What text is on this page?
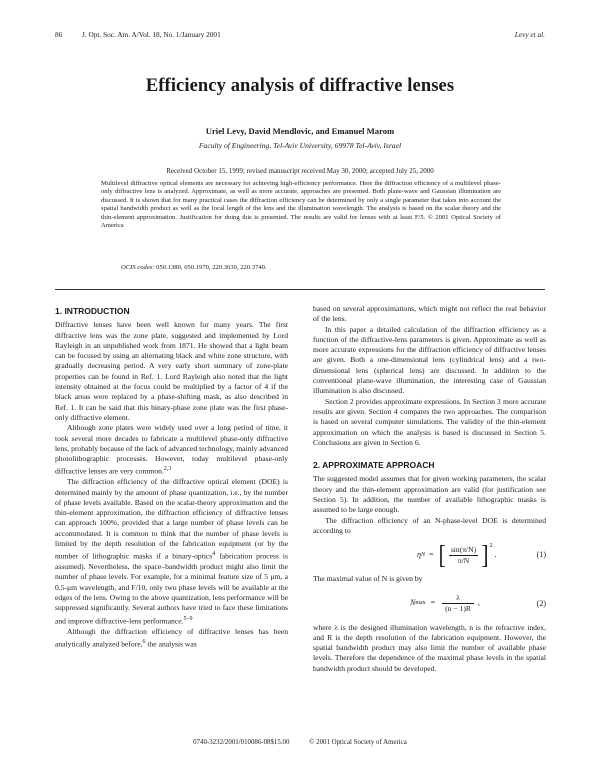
86	J. Opt. Soc. Am. A/Vol. 18, No. 1/January 2001	Levy et al.
Efficiency analysis of diffractive lenses
Uriel Levy, David Mendlovic, and Emanuel Marom
Faculty of Engineering, Tel-Aviv University, 69978 Tel-Aviv, Israel
Received October 15, 1999; revised manuscript received May 30, 2000; accepted July 25, 2000

Multilevel diffractive optical elements are necessary for achieving high-efficiency performance. Here the diffraction efficiency of a multilevel phase-only diffractive lens is analyzed. Approximate, as well as more accurate, approaches are presented. Both plane-wave and Gaussian illumination are discussed. It is shown that for many practical cases the diffraction efficiency can be determined by only a single parameter that takes into account the spatial bandwidth product as well as the focal length of the lens and the illumination wavelength. The analysis is based on the scalar theory and the thin-element approximation. Justification for doing this is presented. The results are valid for lenses with at least F/5. © 2001 Optical Society of America

OCIS codes: 050.1380, 050.1970, 220.3630, 220.3740.
1. INTRODUCTION

Diffractive lenses have been well known for many years. The first diffractive lens was the zone plate, suggested and implemented by Lord Rayleigh in an unpublished work from 1871. He showed that a light beam can be focused by using an alternating black and white zone structure, with gradually decreasing period. A very early short summary of zone-plate properties can be found in Ref. 1. Lord Rayleigh also noted that the light intensity obtained at the focus could be multiplied by a factor of 4 if the black areas were replaced by a phase-shifting mask, as also described in Ref. 1. It can be said that this binary-phase zone plate was the first phase-only diffractive element.

Although zone plates were widely used over a long period of time, it took several more decades to fabricate a multilevel phase-only diffractive lens, probably because of the lack of advanced technology, mainly advanced photolithographic processes. However, today multilevel phase-only diffractive lenses are very common.$^{2,3}$

The diffraction efficiency of the diffractive optical element (DOE) is determined mainly by the amount of phase quantization, i.e., by the number of phase levels available. Based on the scalar-theory approximation and the thin-element approximation, the diffraction efficiency of diffractive lenses can approach 100%, provided that a large number of phase levels can be accommodated. It is common to think that the number of phase levels is limited by the depth resolution of the fabrication equipment (or by the number of lithographic masks if a binary-optics$^4$ fabrication process is assumed). Nevertheless, the space–bandwidth product might also limit the number of phase levels. For example, for a minimal feature size of 5 μm, a 0.5-μm wavelength, and F/10, only two phase levels will be available at the edges of the lens. Owing to the above quantization, lens performance will be suppressed significantly. Several authors have tried to face these limitations and improve diffractive-lens performance.$^{5-9}$

Although the diffraction efficiency of diffractive lenses has been analytically analyzed before,$^6$ the analysis was

based on several approximations, which might not reflect the real behavior of the lens.

In this paper a detailed calculation of the diffraction efficiency as a function of the diffractive-lens parameters is given. Approximate as well as more accurate expressions for the diffraction efficiency of diffractive lenses are given. Both a one-dimensional lens (cylindrical lens) and a two-dimensional lens (spherical lens) are discussed. In addition to the conventional plane-wave illumination, the interesting case of Gaussian illumination is also discussed.

Section 2 provides approximate expressions. In Section 3 more accurate results are given. Section 4 compares the two approaches. The comparison is based on several computer simulations. The validity of the thin-element approximation on which the analysis is based is discussed in Section 5. Conclusions are given in Section 6.

2. APPROXIMATE APPROACH

The suggested model assumes that for given working parameters, the scalar theory and the thin-element approximation are valid (for justification see Section 5). In addition, the number of available lithographic masks is assumed to be large enough.

The diffraction efficiency of an N-phase-level DOE is determined according to

η N = [ $\frac{\sin(\pi/N)}{\pi/N}$ ] 2
.	(1)

The maximal value of N is given by

N $\max = \frac{\lambda}{(n - 1)R}$ ,	(2)

where λ is the designed illumination wavelength, n is the refractive index, and R is the depth resolution of the fabrication equipment. However, the spatial bandwidth product may also limit the number of available phase levels. Therefore the dependence of the maximal phase levels in the spatial bandwidth product should be developed.

0740-3232/2001/010086-08$15.00	© 2001 Optical Society of America
